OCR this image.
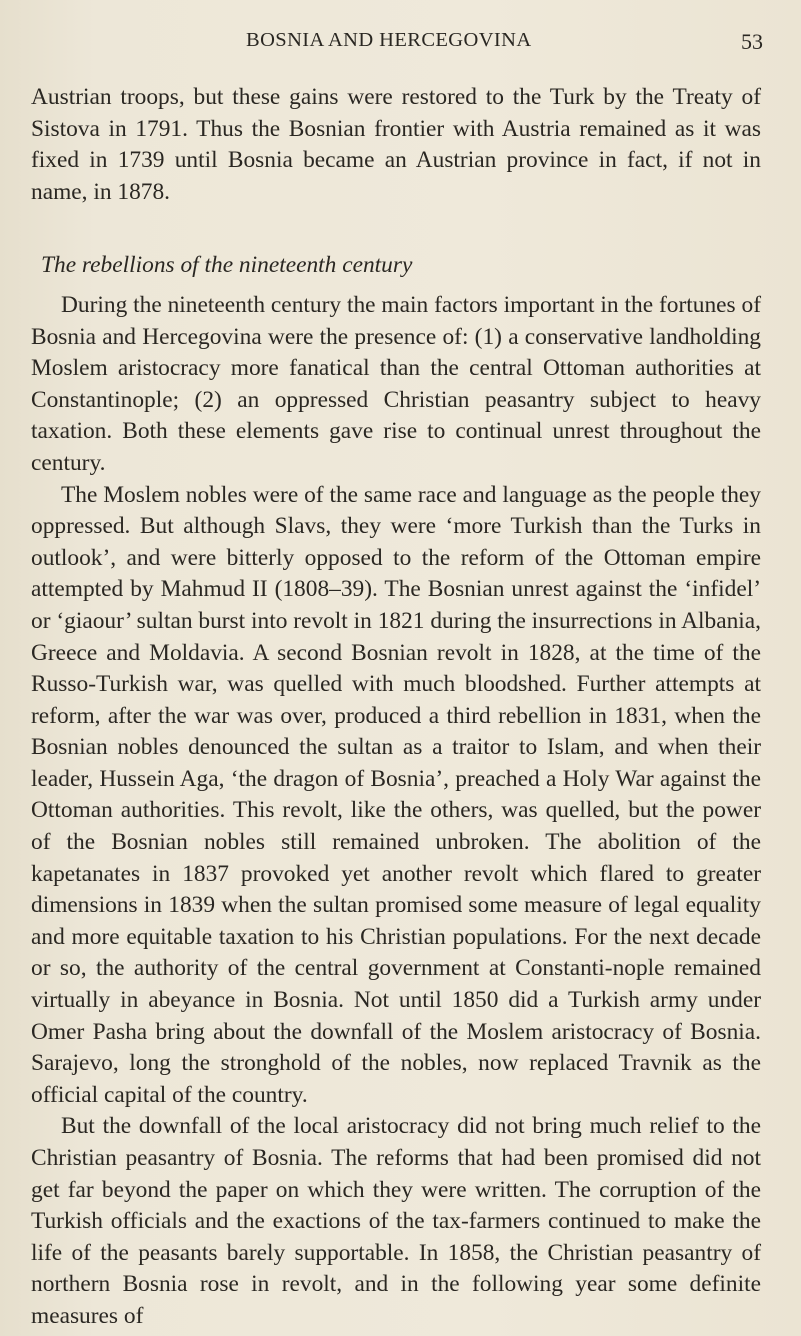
BOSNIA AND HERCEGOVINA	53

Austrian troops, but these gains were restored to the Turk by the Treaty of Sistova in 1791. Thus the Bosnian frontier with Austria remained as it was fixed in 1739 until Bosnia became an Austrian province in fact, if not in name, in 1878.

The rebellions of the nineteenth century

During the nineteenth century the main factors important in the fortunes of Bosnia and Hercegovina were the presence of: (1) a conservative landholding Moslem aristocracy more fanatical than the central Ottoman authorities at Constantinople; (2) an oppressed Christian peasantry subject to heavy taxation. Both these elements gave rise to continual unrest throughout the century.

The Moslem nobles were of the same race and language as the people they oppressed. But although Slavs, they were ‘more Turkish than the Turks in outlook’, and were bitterly opposed to the reform of the Ottoman empire attempted by Mahmud II (1808–39). The Bosnian unrest against the ‘infidel’ or ‘giaour’ sultan burst into revolt in 1821 during the insurrections in Albania, Greece and Moldavia. A second Bosnian revolt in 1828, at the time of the Russo-Turkish war, was quelled with much bloodshed. Further attempts at reform, after the war was over, produced a third rebellion in 1831, when the Bosnian nobles denounced the sultan as a traitor to Islam, and when their leader, Hussein Aga, ‘the dragon of Bosnia’, preached a Holy War against the Ottoman authorities. This revolt, like the others, was quelled, but the power of the Bosnian nobles still remained unbroken. The abolition of the kapetanates in 1837 provoked yet another revolt which flared to greater dimensions in 1839 when the sultan promised some measure of legal equality and more equitable taxation to his Christian populations. For the next decade or so, the authority of the central government at Constanti-nople remained virtually in abeyance in Bosnia. Not until 1850 did a Turkish army under Omer Pasha bring about the downfall of the Moslem aristocracy of Bosnia. Sarajevo, long the stronghold of the nobles, now replaced Travnik as the official capital of the country.

But the downfall of the local aristocracy did not bring much relief to the Christian peasantry of Bosnia. The reforms that had been promised did not get far beyond the paper on which they were written. The corruption of the Turkish officials and the exactions of the tax-farmers continued to make the life of the peasants barely supportable. In 1858, the Christian peasantry of northern Bosnia rose in revolt, and in the following year some definite measures of
